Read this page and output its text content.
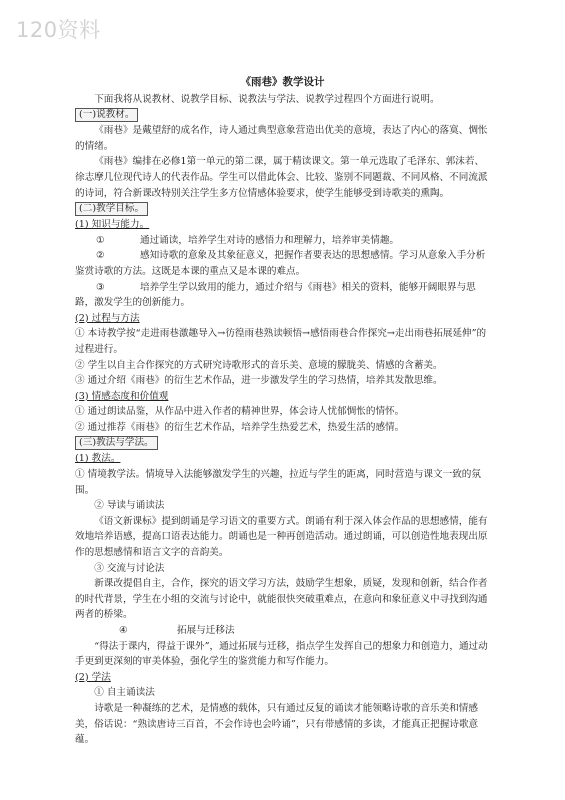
120资料

《雨巷》教学设计

下面我将从说教材、说教学目标、说教法与学法、说教学过程四个方面进行说明。

(一)说教材。

《雨巷》是戴望舒的成名作，诗人通过典型意象营造出优美的意境，表达了内心的落寞、惆怅的情绪。

《雨巷》编排在必修1第一单元的第二课，属于精读课文。第一单元选取了毛泽东、郭沫若、徐志摩几位现代诗人的代表作品。学生可以借此体会、比较、鉴别不同题裁、不同风格、不同流派的诗词，符合新课改特别关注学生多方位情感体验要求，使学生能够受到诗歌美的熏陶。

(二)教学目标。

(1) 知识与能力。

①	通过诵读，培养学生对诗的感悟力和理解力，培养审美情趣。

②	感知诗歌的意象及其象征意义，把握作者要表达的思想感情。学习从意象入手分析鉴赏诗歌的方法。这既是本课的重点又是本课的难点。

③	培养学生学以致用的能力，通过介绍与《雨巷》相关的资料，能够开阔眼界与思路，激发学生的创新能力。

(2) 过程与方法

① 本诗教学按“走进雨巷激趣导入→彷徨雨巷熟读顿悟→感悟雨巷合作探究→走出雨巷拓展延伸”的过程进行。

② 学生以自主合作探究的方式研究诗歌形式的音乐美、意境的朦胧美、情感的含蓄美。

③ 通过介绍《雨巷》的衍生艺术作品，进一步激发学生的学习热情，培养其发散思维。

(3) 情感态度和价值观

① 通过朗读品鉴，从作品中进入作者的精神世界，体会诗人忧郁惆怅的情怀。

② 通过推荐《雨巷》的衍生艺术作品，培养学生热爱艺术，热爱生活的感情。

(三)教法与学法。

(1) 教法。

① 情境教学法。情境导入法能够激发学生的兴趣，拉近与学生的距离，同时营造与课文一致的氛围。

② 导读与诵读法

《语文新课标》提到朗诵是学习语文的重要方式。朗诵有利于深入体会作品的思想感情，能有效地培养语感，提高口语表达能力。朗诵也是一种再创造活动。通过朗诵，可以创造性地表现出原作的思想感情和语言文字的音韵美。

③ 交流与讨论法

新课改提倡自主，合作，探究的语文学习方法，鼓励学生想象，质疑，发现和创新，结合作者的时代背景，学生在小组的交流与讨论中，就能很快突破重难点，在意向和象征意义中寻找到沟通两者的桥梁。

④	拓展与迁移法

“得法于课内，得益于课外”，通过拓展与迁移，指点学生发挥自己的想象力和创造力，通过动手更到更深刻的审美体验，强化学生的鉴赏能力和写作能力。

(2) 学法

① 自主诵读法

诗歌是一种凝练的艺术，是情感的载体，只有通过反复的诵读才能领略诗歌的音乐美和情感美，俗话说：“熟读唐诗三百首，不会作诗也会吟诵”，只有带感情的多读，才能真正把握诗歌意蕴。
